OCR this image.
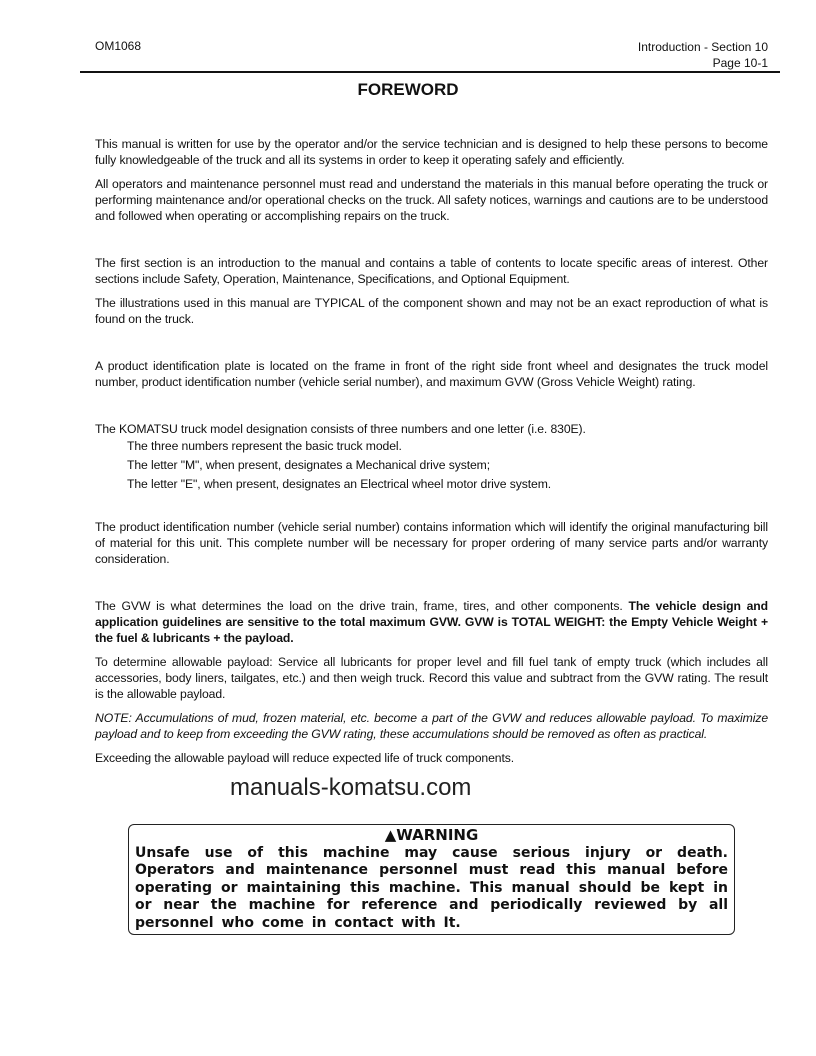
OM1068	Introduction - Section 10
Page 10-1
FOREWORD
This manual is written for use by the operator and/or the service technician and is designed to help these persons to become fully knowledgeable of the truck and all its systems in order to keep it operating safely and efficiently.
All operators and maintenance personnel must read and understand the materials in this manual before operating the truck or performing maintenance and/or operational checks on the truck. All safety notices, warnings and cautions are to be understood and followed when operating or accomplishing repairs on the truck.
The first section is an introduction to the manual and contains a table of contents to locate specific areas of interest. Other sections include Safety, Operation, Maintenance, Specifications, and Optional Equipment.
The illustrations used in this manual are TYPICAL of the component shown and may not be an exact reproduction of what is found on the truck.
A product identification plate is located on the frame in front of the right side front wheel and designates the truck model number, product identification number (vehicle serial number), and maximum GVW (Gross Vehicle Weight) rating.
The KOMATSU truck model designation consists of three numbers and one letter (i.e. 830E).
The three numbers represent the basic truck model.
The letter "M", when present, designates a Mechanical drive system;
The letter "E", when present, designates an Electrical wheel motor drive system.
The product identification number (vehicle serial number) contains information which will identify the original manufacturing bill of material for this unit. This complete number will be necessary for proper ordering of many service parts and/or warranty consideration.
The GVW is what determines the load on the drive train, frame, tires, and other components. The vehicle design and application guidelines are sensitive to the total maximum GVW. GVW is TOTAL WEIGHT: the Empty Vehicle Weight + the fuel & lubricants + the payload.
To determine allowable payload: Service all lubricants for proper level and fill fuel tank of empty truck (which includes all accessories, body liners, tailgates, etc.) and then weigh truck. Record this value and subtract from the GVW rating. The result is the allowable payload.
NOTE: Accumulations of mud, frozen material, etc. become a part of the GVW and reduces allowable payload. To maximize payload and to keep from exceeding the GVW rating, these accumulations should be removed as often as practical.
Exceeding the allowable payload will reduce expected life of truck components.
manuals-komatsu.com
▲WARNING
Unsafe use of this machine may cause serious injury or death. Operators and maintenance personnel must read this manual before operating or maintaining this machine. This manual should be kept in or near the machine for reference and periodically reviewed by all personnel who come in contact with It.
